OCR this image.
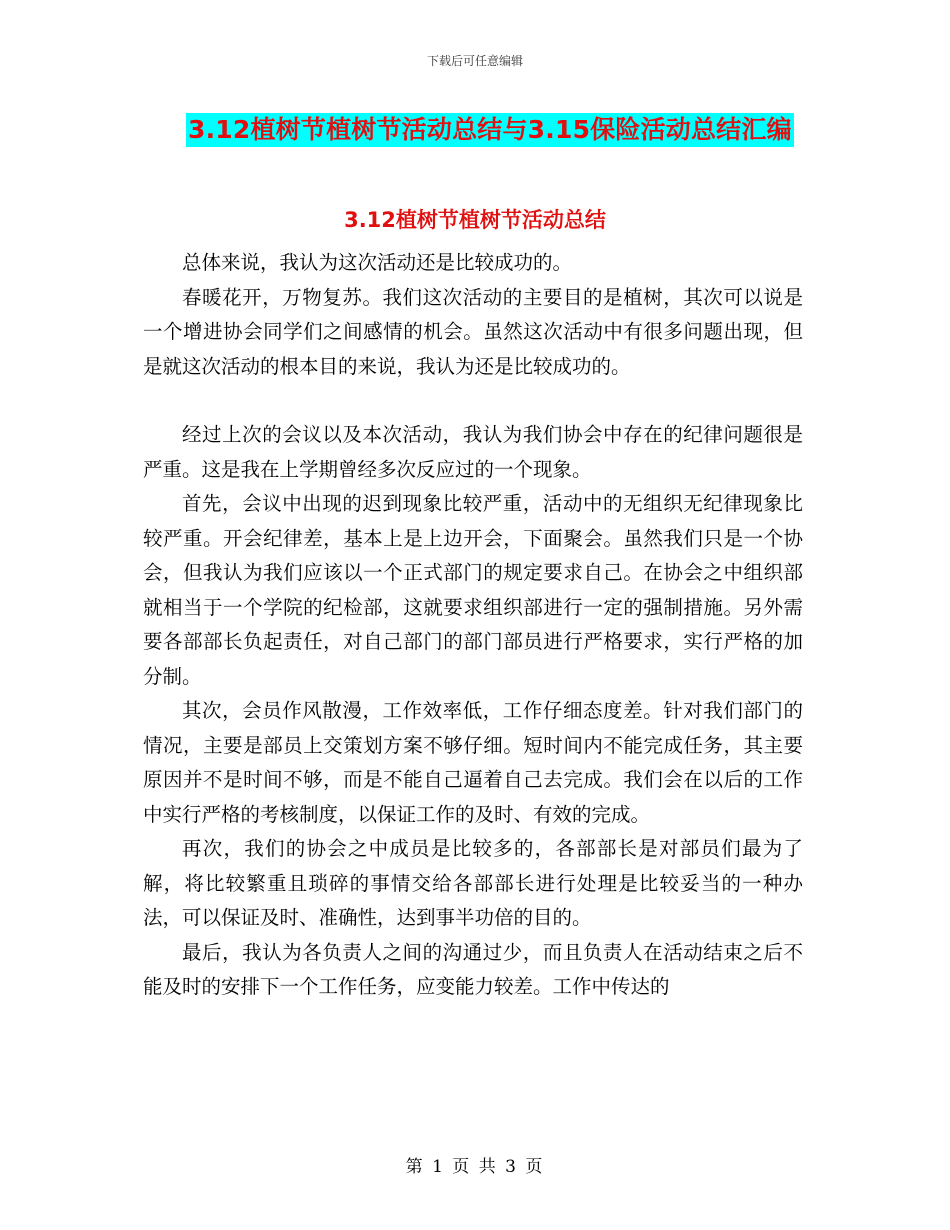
下载后可任意编辑
3.12植树节植树节活动总结与3.15保险活动总结汇编
3.12植树节植树节活动总结

总体来说，我认为这次活动还是比较成功的。

春暖花开，万物复苏。我们这次活动的主要目的是植树，其次可以说是一个增进协会同学们之间感情的机会。虽然这次活动中有很多问题出现，但是就这次活动的根本目的来说，我认为还是比较成功的。

经过上次的会议以及本次活动，我认为我们协会中存在的纪律问题很是严重。这是我在上学期曾经多次反应过的一个现象。

首先，会议中出现的迟到现象比较严重，活动中的无组织无纪律现象比较严重。开会纪律差，基本上是上边开会，下面聚会。虽然我们只是一个协会，但我认为我们应该以一个正式部门的规定要求自己。在协会之中组织部就相当于一个学院的纪检部，这就要求组织部进行一定的强制措施。另外需要各部部长负起责任，对自己部门的部门部员进行严格要求，实行严格的加分制。

其次，会员作风散漫，工作效率低，工作仔细态度差。针对我们部门的情况，主要是部员上交策划方案不够仔细。短时间内不能完成任务，其主要原因并不是时间不够，而是不能自己逼着自己去完成。我们会在以后的工作中实行严格的考核制度，以保证工作的及时、有效的完成。

再次，我们的协会之中成员是比较多的，各部部长是对部员们最为了解，将比较繁重且琐碎的事情交给各部部长进行处理是比较妥当的一种办法，可以保证及时、准确性，达到事半功倍的目的。

最后，我认为各负责人之间的沟通过少，而且负责人在活动结束之后不能及时的安排下一个工作任务，应变能力较差。工作中传达的

第 1 页 共 3 页
